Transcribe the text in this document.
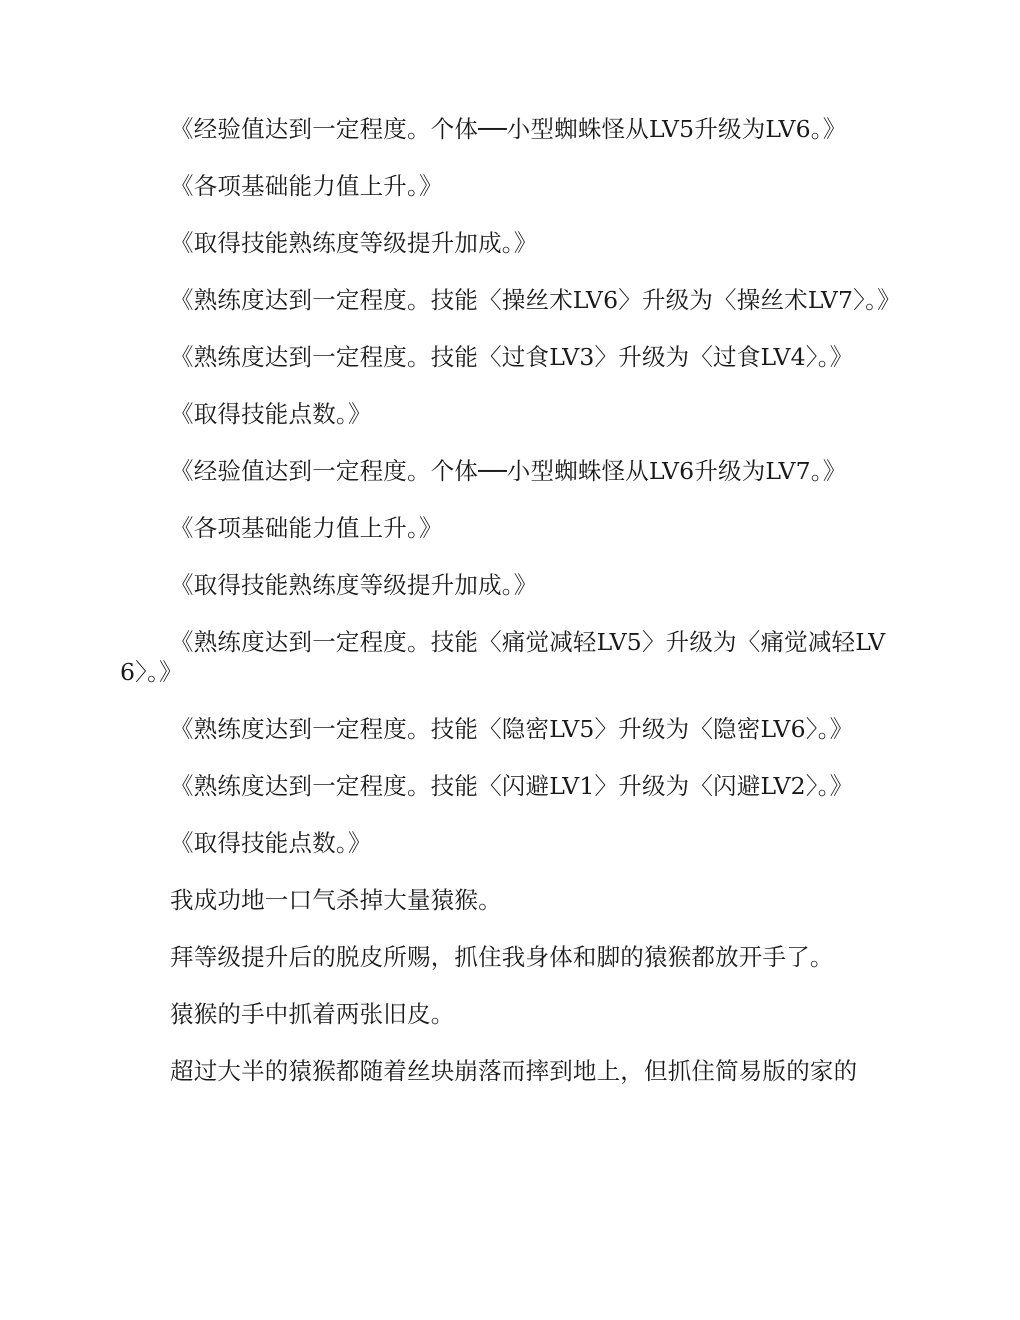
《经验值达到一定程度。个体──小型蜘蛛怪从LV5升级为LV6。》

《各项基础能力值上升。》

《取得技能熟练度等级提升加成。》

《熟练度达到一定程度。技能〈操丝术LV6〉升级为〈操丝术LV7〉。》

《熟练度达到一定程度。技能〈过食LV3〉升级为〈过食LV4〉。》

《取得技能点数。》

《经验值达到一定程度。个体──小型蜘蛛怪从LV6升级为LV7。》

《各项基础能力值上升。》

《取得技能熟练度等级提升加成。》

《熟练度达到一定程度。技能〈痛觉减轻LV5〉升级为〈痛觉减轻LV6〉。》

《熟练度达到一定程度。技能〈隐密LV5〉升级为〈隐密LV6〉。》

《熟练度达到一定程度。技能〈闪避LV1〉升级为〈闪避LV2〉。》

《取得技能点数。》

我成功地一口气杀掉大量猿猴。

拜等级提升后的脱皮所赐，抓住我身体和脚的猿猴都放开手了。

猿猴的手中抓着两张旧皮。

超过大半的猿猴都随着丝块崩落而摔到地上，但抓住简易版的家的
